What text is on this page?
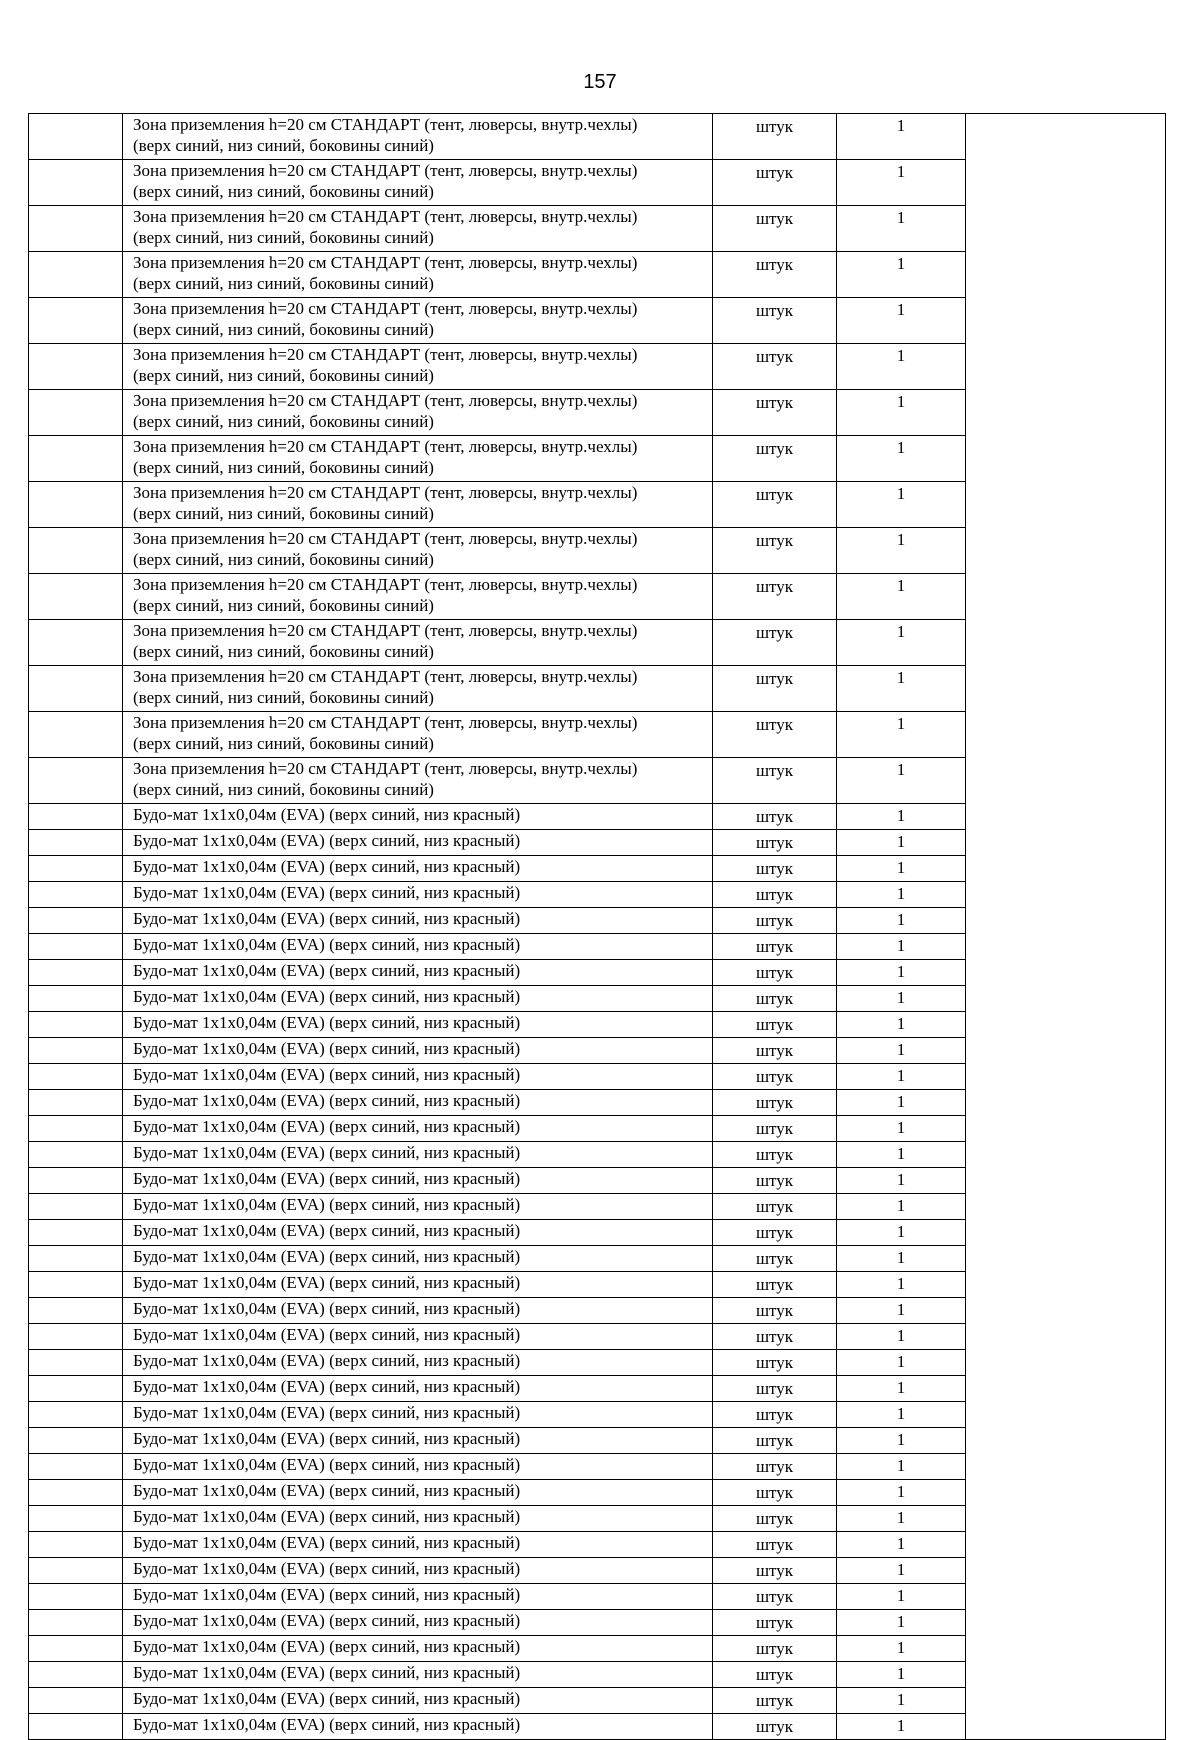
157

	Зона приземления h=20 см СТАНДАРТ (тент, люверсы, внутр.чехлы)
(верх синий, низ синий, боковины синий)	штук	1	

	Зона приземления h=20 см СТАНДАРТ (тент, люверсы, внутр.чехлы)
(верх синий, низ синий, боковины синий)	штук	1	

	Зона приземления h=20 см СТАНДАРТ (тент, люверсы, внутр.чехлы)
(верх синий, низ синий, боковины синий)	штук	1	

	Зона приземления h=20 см СТАНДАРТ (тент, люверсы, внутр.чехлы)
(верх синий, низ синий, боковины синий)	штук	1	

	Зона приземления h=20 см СТАНДАРТ (тент, люверсы, внутр.чехлы)
(верх синий, низ синий, боковины синий)	штук	1	

	Зона приземления h=20 см СТАНДАРТ (тент, люверсы, внутр.чехлы)
(верх синий, низ синий, боковины синий)	штук	1	

	Зона приземления h=20 см СТАНДАРТ (тент, люверсы, внутр.чехлы)
(верх синий, низ синий, боковины синий)	штук	1	

	Зона приземления h=20 см СТАНДАРТ (тент, люверсы, внутр.чехлы)
(верх синий, низ синий, боковины синий)	штук	1	

	Зона приземления h=20 см СТАНДАРТ (тент, люверсы, внутр.чехлы)
(верх синий, низ синий, боковины синий)	штук	1	

	Зона приземления h=20 см СТАНДАРТ (тент, люверсы, внутр.чехлы)
(верх синий, низ синий, боковины синий)	штук	1	

	Зона приземления h=20 см СТАНДАРТ (тент, люверсы, внутр.чехлы)
(верх синий, низ синий, боковины синий)	штук	1	

	Зона приземления h=20 см СТАНДАРТ (тент, люверсы, внутр.чехлы)
(верх синий, низ синий, боковины синий)	штук	1	

	Зона приземления h=20 см СТАНДАРТ (тент, люверсы, внутр.чехлы)
(верх синий, низ синий, боковины синий)	штук	1	

	Зона приземления h=20 см СТАНДАРТ (тент, люверсы, внутр.чехлы)
(верх синий, низ синий, боковины синий)	штук	1	

	Зона приземления h=20 см СТАНДАРТ (тент, люверсы, внутр.чехлы)
(верх синий, низ синий, боковины синий)	штук	1	

	Будо-мат 1x1x0,04м (EVA) (верх синий, низ красный)	штук	1	

	Будо-мат 1x1x0,04м (EVA) (верх синий, низ красный)	штук	1	

	Будо-мат 1x1x0,04м (EVA) (верх синий, низ красный)	штук	1	

	Будо-мат 1x1x0,04м (EVA) (верх синий, низ красный)	штук	1	

	Будо-мат 1x1x0,04м (EVA) (верх синий, низ красный)	штук	1	

	Будо-мат 1x1x0,04м (EVA) (верх синий, низ красный)	штук	1	

	Будо-мат 1x1x0,04м (EVA) (верх синий, низ красный)	штук	1	

	Будо-мат 1x1x0,04м (EVA) (верх синий, низ красный)	штук	1	

	Будо-мат 1x1x0,04м (EVA) (верх синий, низ красный)	штук	1	

	Будо-мат 1x1x0,04м (EVA) (верх синий, низ красный)	штук	1	

	Будо-мат 1x1x0,04м (EVA) (верх синий, низ красный)	штук	1	

	Будо-мат 1x1x0,04м (EVA) (верх синий, низ красный)	штук	1	

	Будо-мат 1x1x0,04м (EVA) (верх синий, низ красный)	штук	1	

	Будо-мат 1x1x0,04м (EVA) (верх синий, низ красный)	штук	1	

	Будо-мат 1x1x0,04м (EVA) (верх синий, низ красный)	штук	1	

	Будо-мат 1x1x0,04м (EVA) (верх синий, низ красный)	штук	1	

	Будо-мат 1x1x0,04м (EVA) (верх синий, низ красный)	штук	1	

	Будо-мат 1x1x0,04м (EVA) (верх синий, низ красный)	штук	1	

	Будо-мат 1x1x0,04м (EVA) (верх синий, низ красный)	штук	1	

	Будо-мат 1x1x0,04м (EVA) (верх синий, низ красный)	штук	1	

	Будо-мат 1x1x0,04м (EVA) (верх синий, низ красный)	штук	1	

	Будо-мат 1x1x0,04м (EVA) (верх синий, низ красный)	штук	1	

	Будо-мат 1x1x0,04м (EVA) (верх синий, низ красный)	штук	1	

	Будо-мат 1x1x0,04м (EVA) (верх синий, низ красный)	штук	1	

	Будо-мат 1x1x0,04м (EVA) (верх синий, низ красный)	штук	1	

	Будо-мат 1x1x0,04м (EVA) (верх синий, низ красный)	штук	1	

	Будо-мат 1x1x0,04м (EVA) (верх синий, низ красный)	штук	1	

	Будо-мат 1x1x0,04м (EVA) (верх синий, низ красный)	штук	1	

	Будо-мат 1x1x0,04м (EVA) (верх синий, низ красный)	штук	1	

	Будо-мат 1x1x0,04м (EVA) (верх синий, низ красный)	штук	1	

	Будо-мат 1x1x0,04м (EVA) (верх синий, низ красный)	штук	1	

	Будо-мат 1x1x0,04м (EVA) (верх синий, низ красный)	штук	1	

	Будо-мат 1x1x0,04м (EVA) (верх синий, низ красный)	штук	1	

	Будо-мат 1x1x0,04м (EVA) (верх синий, низ красный)	штук	1	

	Будо-мат 1x1x0,04м (EVA) (верх синий, низ красный)	штук	1	

	Будо-мат 1x1x0,04м (EVA) (верх синий, низ красный)	штук	1	
